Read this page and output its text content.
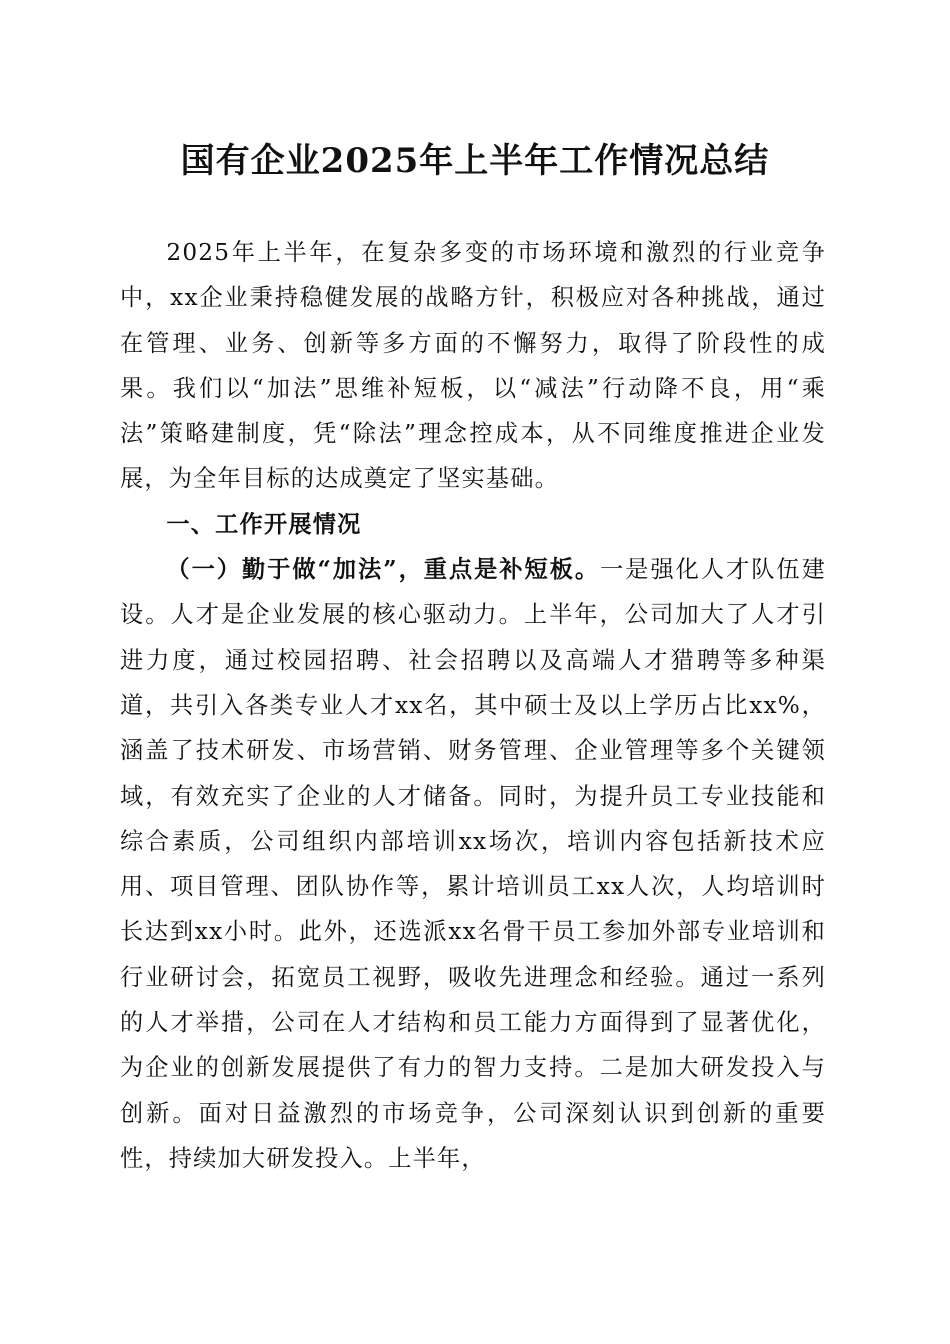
国有企业2025年上半年工作情况总结

2025年上半年，在复杂多变的市场环境和激烈的行业竞争中，xx企业秉持稳健发展的战略方针，积极应对各种挑战，通过在管理、业务、创新等多方面的不懈努力，取得了阶段性的成果。我们以“加法”思维补短板，以“减法”行动降不良，用“乘法”策略建制度，凭“除法”理念控成本，从不同维度推进企业发展，为全年目标的达成奠定了坚实基础。

一、工作开展情况

（一）勤于做“加法”，重点是补短板。一是强化人才队伍建设。人才是企业发展的核心驱动力。上半年，公司加大了人才引进力度，通过校园招聘、社会招聘以及高端人才猎聘等多种渠道，共引入各类专业人才xx名，其中硕士及以上学历占比xx%，涵盖了技术研发、市场营销、财务管理、企业管理等多个关键领域，有效充实了企业的人才储备。同时，为提升员工专业技能和综合素质，公司组织内部培训xx场次，培训内容包括新技术应用、项目管理、团队协作等，累计培训员工xx人次，人均培训时长达到xx小时。此外，还选派xx名骨干员工参加外部专业培训和行业研讨会，拓宽员工视野，吸收先进理念和经验。通过一系列的人才举措，公司在人才结构和员工能力方面得到了显著优化，为企业的创新发展提供了有力的智力支持。二是加大研发投入与创新。面对日益激烈的市场竞争，公司深刻认识到创新的重要性，持续加大研发投入。上半年，
